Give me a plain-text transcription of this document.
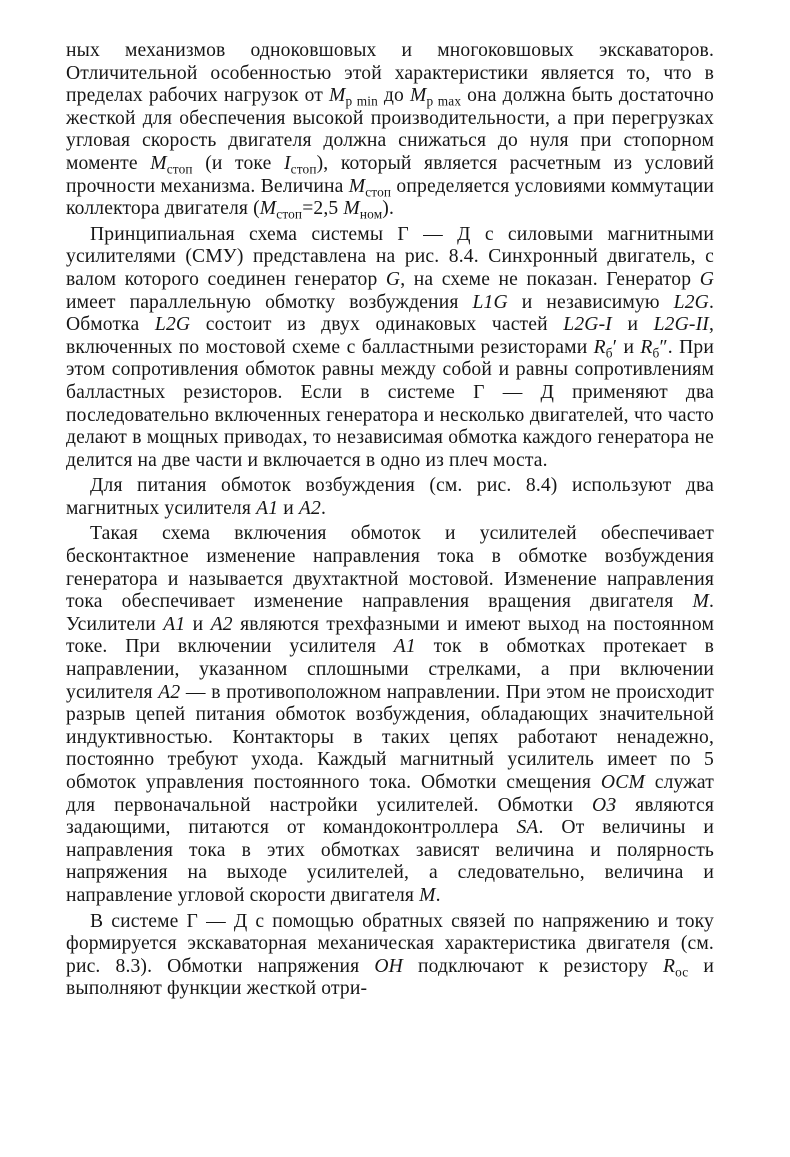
ных механизмов одноковшовых и многоковшовых экскаваторов. Отличительной особенностью этой характеристики является то, что в пределах рабочих нагрузок от $M_{р min}$ до $M_{р max}$ она должна быть достаточно жесткой для обеспечения высокой производительности, а при перегрузках угловая скорость двигателя должна снижаться до нуля при стопорном моменте $M_{стоп}$ (и токе $I_{стоп}$), который является расчетным из условий прочности механизма. Величина $M_{стоп}$ определяется условиями коммутации коллектора двигателя ($M_{стоп}=2,5$ $M_{ном}$).

Принципиальная схема системы Г — Д с силовыми магнитными усилителями (СМУ) представлена на рис. 8.4. Синхронный двигатель, с валом которого соединен генератор G, на схеме не показан. Генератор G имеет параллельную обмотку возбуждения L1G и независимую L2G. Обмотка L2G состоит из двух одинаковых частей L2G-I и L2G-II, включенных по мостовой схеме с балластными резисторами $R_б'$ и $R_б''$. При этом сопротивления обмоток равны между собой и равны сопротивлениям балластных резисторов. Если в системе Г — Д применяют два последовательно включенных генератора и несколько двигателей, что часто делают в мощных приводах, то независимая обмотка каждого генератора не делится на две части и включается в одно из плеч моста.

Для питания обмоток возбуждения (см. рис. 8.4) используют два магнитных усилителя A1 и A2.

Такая схема включения обмоток и усилителей обеспечивает бесконтактное изменение направления тока в обмотке возбуждения генератора и называется двухтактной мостовой. Изменение направления тока обеспечивает изменение направления вращения двигателя M. Усилители A1 и A2 являются трехфазными и имеют выход на постоянном токе. При включении усилителя A1 ток в обмотках протекает в направлении, указанном сплошными стрелками, а при включении усилителя A2 — в противоположном направлении. При этом не происходит разрыв цепей питания обмоток возбуждения, обладающих значительной индуктивностью. Контакторы в таких цепях работают ненадежно, постоянно требуют ухода. Каждый магнитный усилитель имеет по 5 обмоток управления постоянного тока. Обмотки смещения ОСМ служат для первоначальной настройки усилителей. Обмотки ОЗ являются задающими, питаются от командоконтроллера SA. От величины и направления тока в этих обмотках зависят величина и полярность напряжения на выходе усилителей, а следовательно, величина и направление угловой скорости двигателя M.

В системе Г — Д с помощью обратных связей по напряжению и току формируется экскаваторная механическая характеристика двигателя (см. рис. 8.3). Обмотки напряжения ОН подключают к резистору $R_{ос}$ и выполняют функции жесткой отри-
